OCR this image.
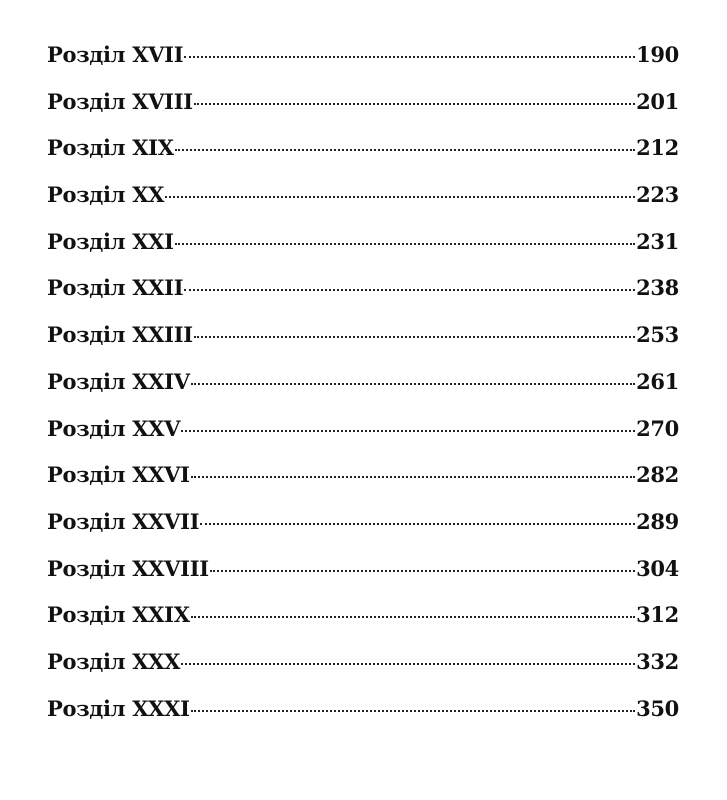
Розділ XVII	190
Розділ XVIII	201
Розділ XIX	212
Розділ XX	223
Розділ XXI	231
Розділ XXII	238
Розділ XXIII	253
Розділ XXIV	261
Розділ XXV	270
Розділ XXVI	282
Розділ XXVII	289
Розділ XXVIII	304
Розділ XXIX	312
Розділ XXX	332
Розділ XXXI	350
